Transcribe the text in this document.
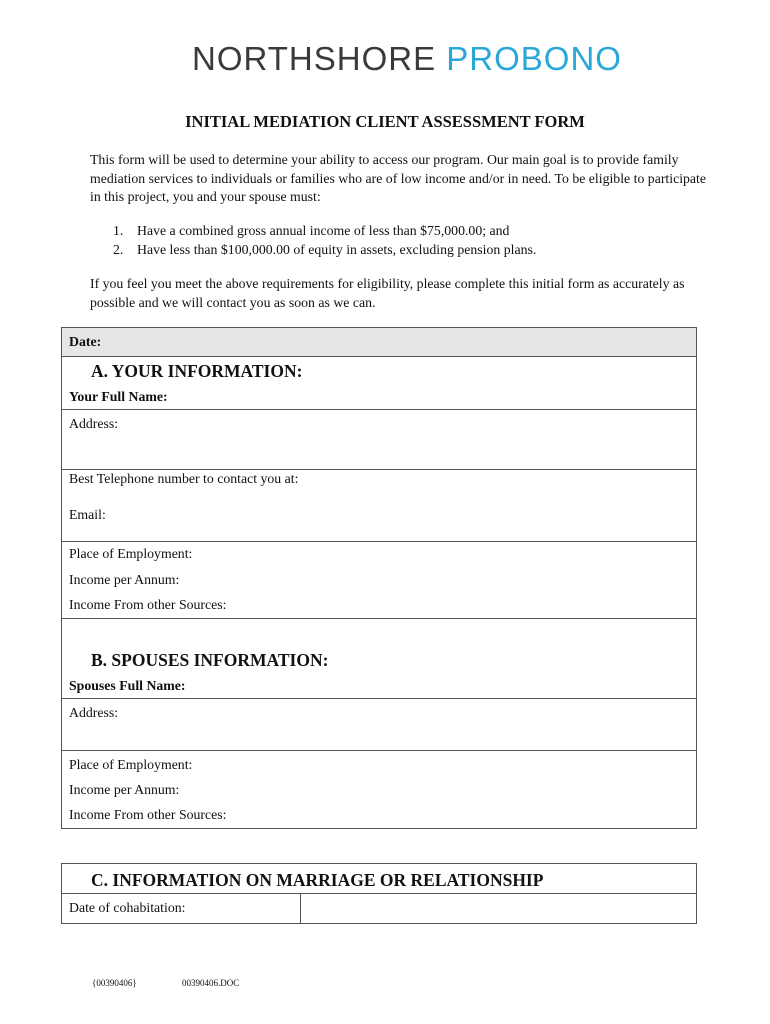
NORTHSHORE PROBONO
INITIAL MEDIATION CLIENT ASSESSMENT FORM
This form will be used to determine your ability to access our program. Our main goal is to provide family mediation services to individuals or families who are of low income and/or in need. To be eligible to participate in this project, you and your spouse must:
1. Have a combined gross annual income of less than $75,000.00; and
2. Have less than $100,000.00 of equity in assets, excluding pension plans.
If you feel you meet the above requirements for eligibility, please complete this initial form as accurately as possible and we will contact you as soon as we can.
Date:
A. YOUR INFORMATION:
Your Full Name:
Address:
Best Telephone number to contact you at:
Email:
Place of Employment:
Income per Annum:
Income From other Sources:
B. SPOUSES INFORMATION:
Spouses Full Name:
Address:
Place of Employment:
Income per Annum:
Income From other Sources:
C. INFORMATION ON MARRIAGE OR RELATIONSHIP
Date of cohabitation:
{00390406}	00390406.DOC
